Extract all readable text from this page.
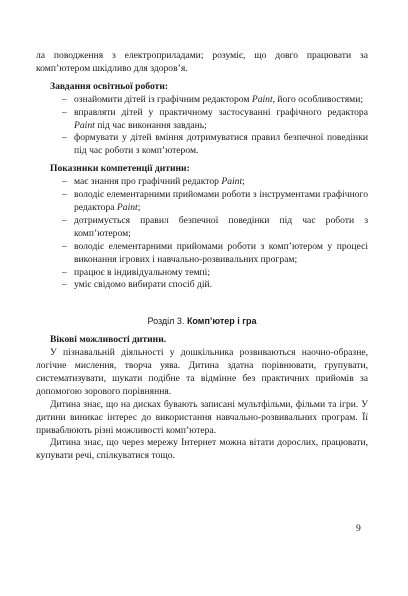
ла поводження з електроприладами; розуміє, що довго працювати за комп’ютером шкідливо для здоров’я.

Завдання освітньої роботи:

– ознайомити дітей із графічним редактором Paint, його особливостями;
– вправляти дітей у практичному застосуванні графічного редактора Paint під час виконання завдань;
– формувати у дітей вміння дотримуватися правил безпечної поведінки під час роботи з комп’ютером.

Показники компетенції дитини:

– має знання про графічний редактор Paint;
– володіє елементарними прийомами роботи з інструментами графічного редактора Paint;
– дотримується правил безпечної поведінки під час роботи з комп’ютером;
– володіє елементарними прийомами роботи з комп’ютером у процесі виконання ігрових і навчально-розвивальних програм;
– працює в індивідуальному темпі;
– уміє свідомо вибирати спосіб дій.

Розділ 3. Комп’ютер і гра

Вікові можливості дитини.

У пізнавальній діяльності у дошкільника розвиваються наочно-образне, логічне мислення, творча уява. Дитина здатна порівнювати, групувати, систематизувати, шукати подібне та відмінне без практичних прийомів за допомогою зорового порівняння.

Дитина знає, що на дисках бувають записані мультфільми, фільми та ігри. У дитини виникає інтерес до використання навчально-розвивальних програм. Її приваблюють різні можливості комп’ютера.

Дитина знає, що через мережу Інтернет можна вітати дорослих, працювати, купувати речі, спілкуватися тощо.

9
